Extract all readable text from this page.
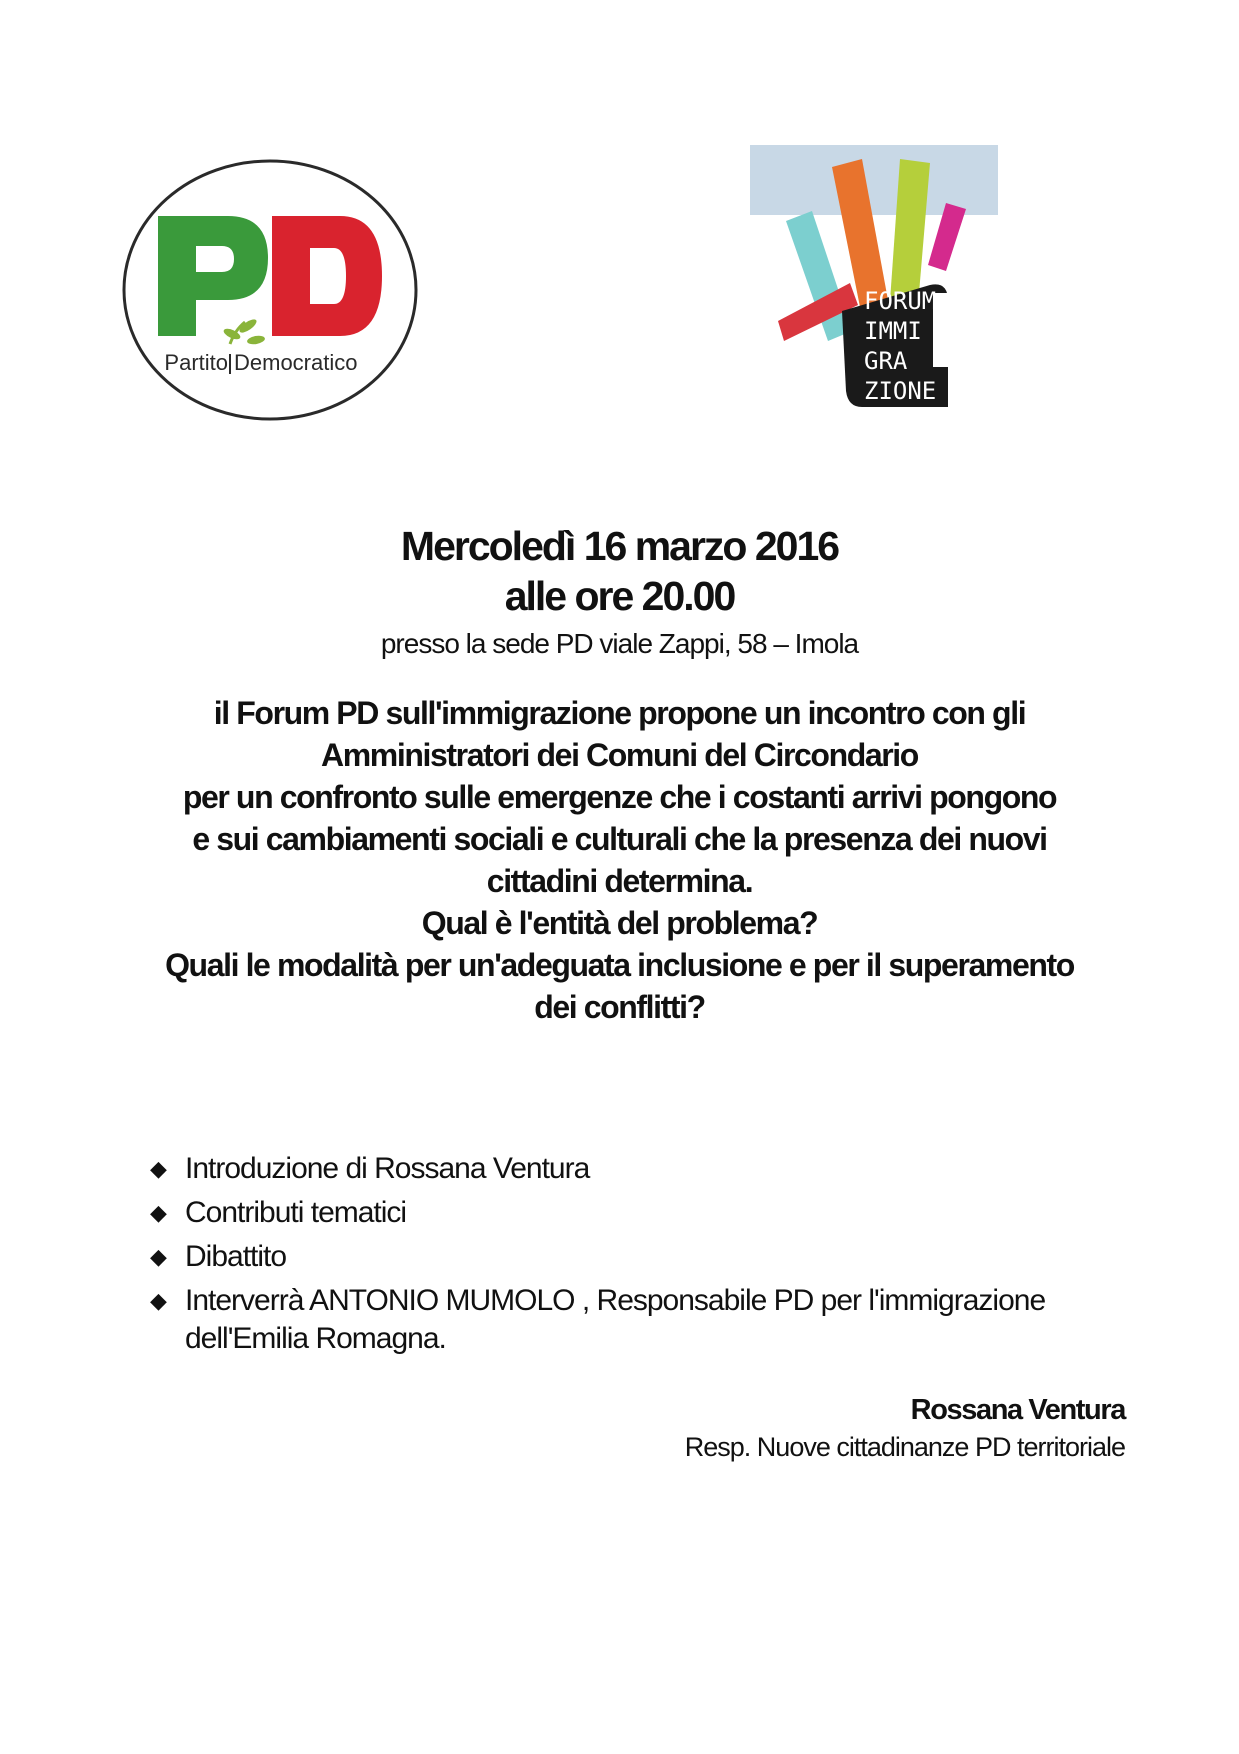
Partito Democratico
FORUM
IMMI
GRA
ZIONE
Mercoledì 16 marzo 2016
alle ore 20.00
presso la sede PD viale Zappi, 58 – Imola
il Forum PD sull'immigrazione propone un incontro con gli
Amministratori dei Comuni del Circondario
per un confronto sulle emergenze che i costanti arrivi pongono
e sui cambiamenti sociali e culturali che la presenza dei nuovi
cittadini determina.
Qual è l'entità del problema?
Quali le modalità per un'adeguata inclusione e per il superamento
dei conflitti?
◆ Introduzione di Rossana Ventura
◆ Contributi tematici
◆ Dibattito
◆ Interverrà ANTONIO MUMOLO , Responsabile PD per l'immigrazione
dell'Emilia Romagna.
Rossana Ventura
Resp. Nuove cittadinanze PD territoriale
